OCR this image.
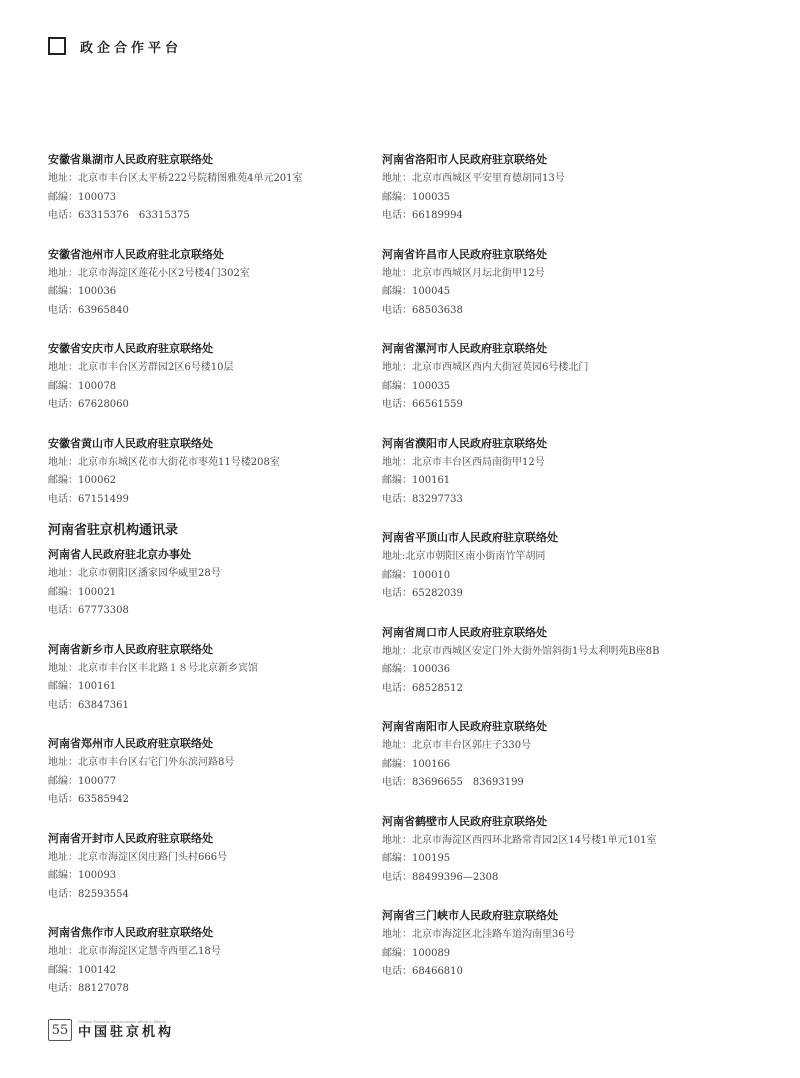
政企合作平台
安徽省巢湖市人民政府驻京联络处
地址：北京市丰台区太平桥222号院精图雅苑4单元201室
邮编：100073
电话：63315376　63315375
安徽省池州市人民政府驻北京联络处
地址：北京市海淀区莲花小区2号楼4门302室
邮编：100036
电话：63965840
安徽省安庆市人民政府驻京联络处
地址：北京市丰台区芳群园2区6号楼10层
邮编：100078
电话：67628060
安徽省黄山市人民政府驻京联络处
地址：北京市东城区花市大街花市枣苑11号楼208室
邮编：100062
电话：67151499
河南省驻京机构通讯录
河南省人民政府驻北京办事处
地址：北京市朝阳区潘家园华威里28号
邮编：100021
电话：67773308
河南省新乡市人民政府驻京联络处
地址：北京市丰台区丰北路１８号北京新乡宾馆
邮编：100161
电话：63847361
河南省郑州市人民政府驻京联络处
地址：北京市丰台区右宅门外东滨河路8号
邮编：100077
电话：63585942
河南省开封市人民政府驻京联络处
地址：北京市海淀区闵庄路门头村666号
邮编：100093
电话：82593554
河南省焦作市人民政府驻京联络处
地址：北京市海淀区定慧寺西里乙18号
邮编：100142
电话：88127078
河南省洛阳市人民政府驻京联络处
地址：北京市西城区平安里育德胡同13号
邮编：100035
电话：66189994
河南省许昌市人民政府驻京联络处
地址：北京市西城区月坛北街甲12号
邮编：100045
电话：68503638
河南省漯河市人民政府驻京联络处
地址：北京市西城区西内大街冠英园6号楼北门
邮编：100035
电话：66561559
河南省濮阳市人民政府驻京联络处
地址：北京市丰台区西局南街甲12号
邮编：100161
电话：83297733
河南省平顶山市人民政府驻京联络处
地址:北京市朝阳区南小街南竹竿胡同
邮编：100010
电话：65282039
河南省周口市人民政府驻京联络处
地址：北京市西城区安定门外大街外馆斜街1号太利明苑B座8B
邮编：100036
电话：68528512
河南省南阳市人民政府驻京联络处
地址：北京市丰台区郭庄子330号
邮编：100166
电话：83696655　83693199
河南省鹤壁市人民政府驻京联络处
地址：北京市海淀区西四环北路常青园2区14号楼1单元101室
邮编：100195
电话：88499396—2308
河南省三门峡市人民政府驻京联络处
地址：北京市海淀区北洼路车道沟南里36号
邮编：100089
电话：68466810
55
Chinese Provincial and municipal offices in Beijing
中国驻京机构
